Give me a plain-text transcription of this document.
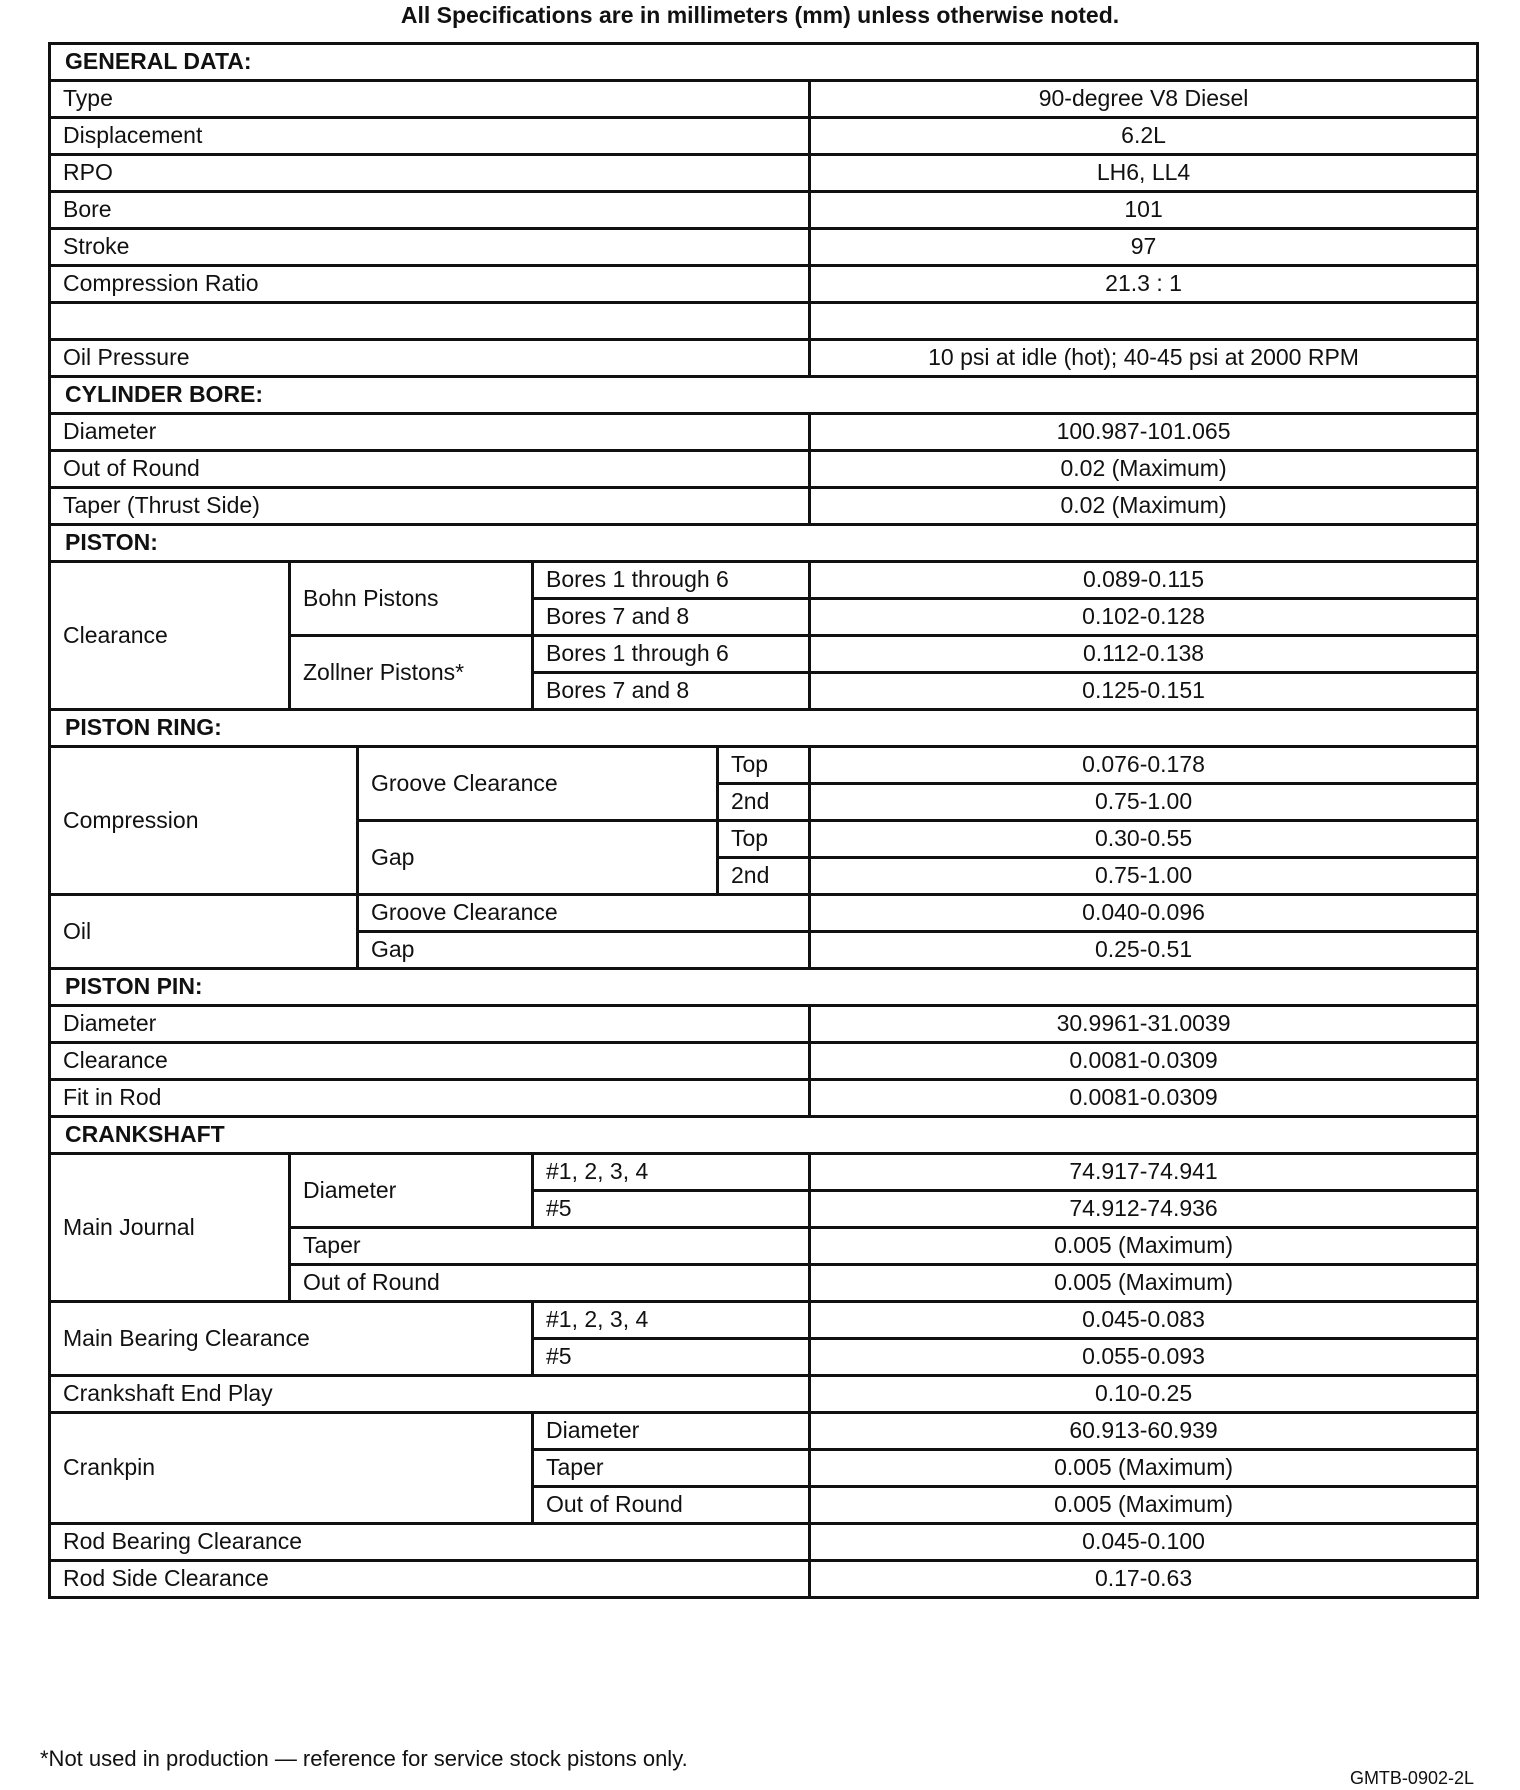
All Specifications are in millimeters (mm) unless otherwise noted.
GENERAL DATA:					
Type					90-degree V8 Diesel
Displacement					6.2L
RPO					LH6, LL4
Bore					101
Stroke					97
Compression Ratio					21.3 : 1

Oil Pressure					10 psi at idle (hot); 40-45 psi at 2000 RPM
CYLINDER BORE:					
Diameter					100.987-101.065
Out of Round					0.02 (Maximum)
Taper (Thrust Side)					0.02 (Maximum)
PISTON:					
Clearance	Bohn Pistons		Bores 1 through 6		0.089-0.115
			Bores 7 and 8		0.102-0.128
	Zollner Pistons*		Bores 1 through 6		0.112-0.138
			Bores 7 and 8		0.125-0.151
PISTON RING:					
Compression		Groove Clearance		Top	0.076-0.178
				2nd	0.75-1.00
		Gap		Top	0.30-0.55
				2nd	0.75-1.00
Oil		Groove Clearance			0.040-0.096
		Gap			0.25-0.51
PISTON PIN:					
Diameter					30.9961-31.0039
Clearance					0.0081-0.0309
Fit in Rod					0.0081-0.0309
CRANKSHAFT					
Main Journal	Diameter		#1, 2, 3, 4		74.917-74.941
			#5		74.912-74.936
	Taper				0.005 (Maximum)
	Out of Round				0.005 (Maximum)
Main Bearing Clearance			#1, 2, 3, 4		0.045-0.083
			#5		0.055-0.093
Crankshaft End Play					0.10-0.25
Crankpin			Diameter		60.913-60.939
			Taper		0.005 (Maximum)
			Out of Round		0.005 (Maximum)
Rod Bearing Clearance					0.045-0.100
Rod Side Clearance					0.17-0.63
*Not used in production — reference for service stock pistons only.
GMTB-0902-2L
